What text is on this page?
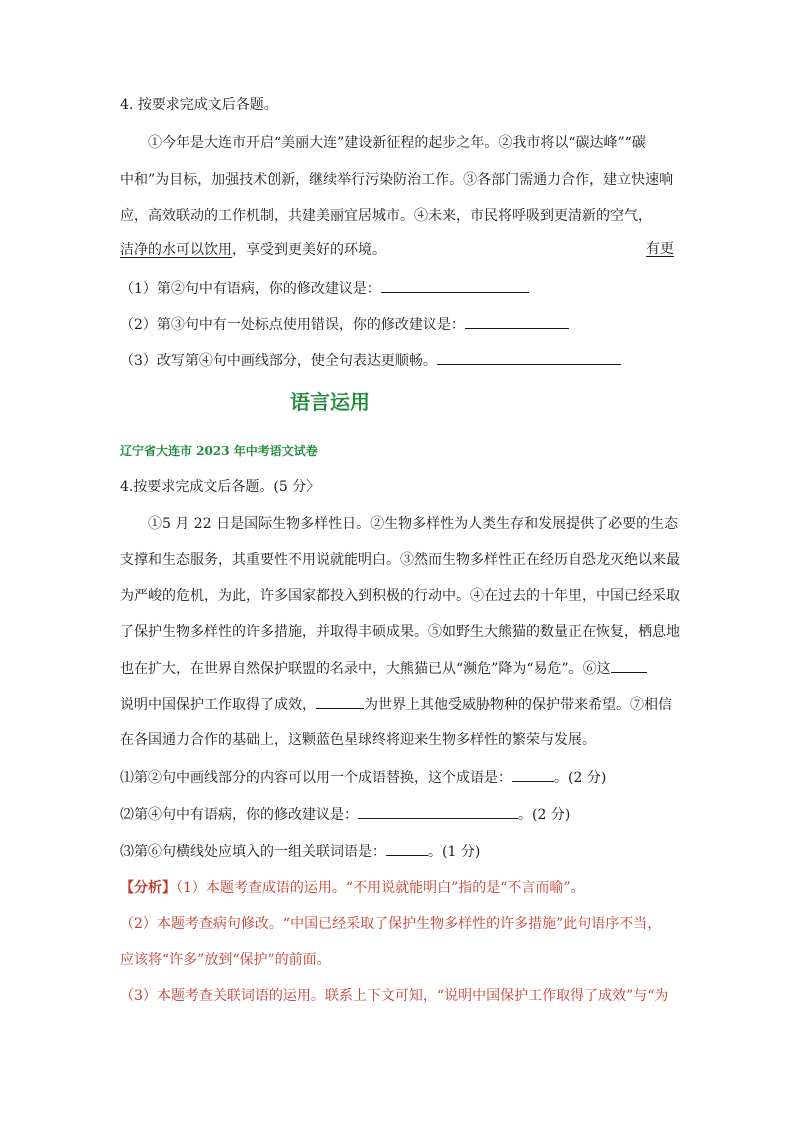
4. 按要求完成文后各题。
①今年是大连市开启“美丽大连”建设新征程的起步之年。②我市将以“碳达峰”“碳
中和”为目标，加强技术创新，继续举行污染防治工作。③各部门需通力合作，建立快速响
应，高效联动的工作机制，共建美丽宜居城市。④未来，市民将呼吸到更清新的空气，
有更
洁净的水可以饮用，享受到更美好的环境。
（1）第②句中有语病，你的修改建议是：
（2）第③句中有一处标点使用错误，你的修改建议是：
（3）改写第④句中画线部分，使全句表达更顺畅。
语言运用
辽宁省大连市 2023 年中考语文试卷
4.按要求完成文后各题。(5 分〉
①5 月 22 日是国际生物多样性日。②生物多样性为人类生存和发展提供了必要的生态
支撑和生态服务，其重要性不用说就能明白。③然而生物多样性正在经历自恐龙灭绝以来最
为严峻的危机，为此，许多国家都投入到积极的行动中。④在过去的十年里，中国已经采取
了保护生物多样性的许多措施，并取得丰硕成果。⑤如野生大熊猫的数量正在恢复，栖息地
也在扩大，在世界自然保护联盟的名录中，大熊猫已从“濒危”降为“易危”。⑥这
说明中国保护工作取得了成效，	为世界上其他受威胁物种的保护带来希望。⑦相信
在各国通力合作的基础上，这颗蓝色星球终将迎来生物多样性的繁荣与发展。
⑴第②句中画线部分的内容可以用一个成语替换，这个成语是：	。(2 分)
⑵第④句中有语病，你的修改建议是：	。(2 分)
⑶第⑥句横线处应填入的一组关联词语是：	。(1 分)
【分析】（1）本题考查成语的运用。“不用说就能明白”指的是“不言而喻”。
（2）本题考查病句修改。“中国已经采取了保护生物多样性的许多措施”此句语序不当，
应该将“许多”放到“保护”的前面。
（3）本题考查关联词语的运用。联系上下文可知，“说明中国保护工作取得了成效”与“为
